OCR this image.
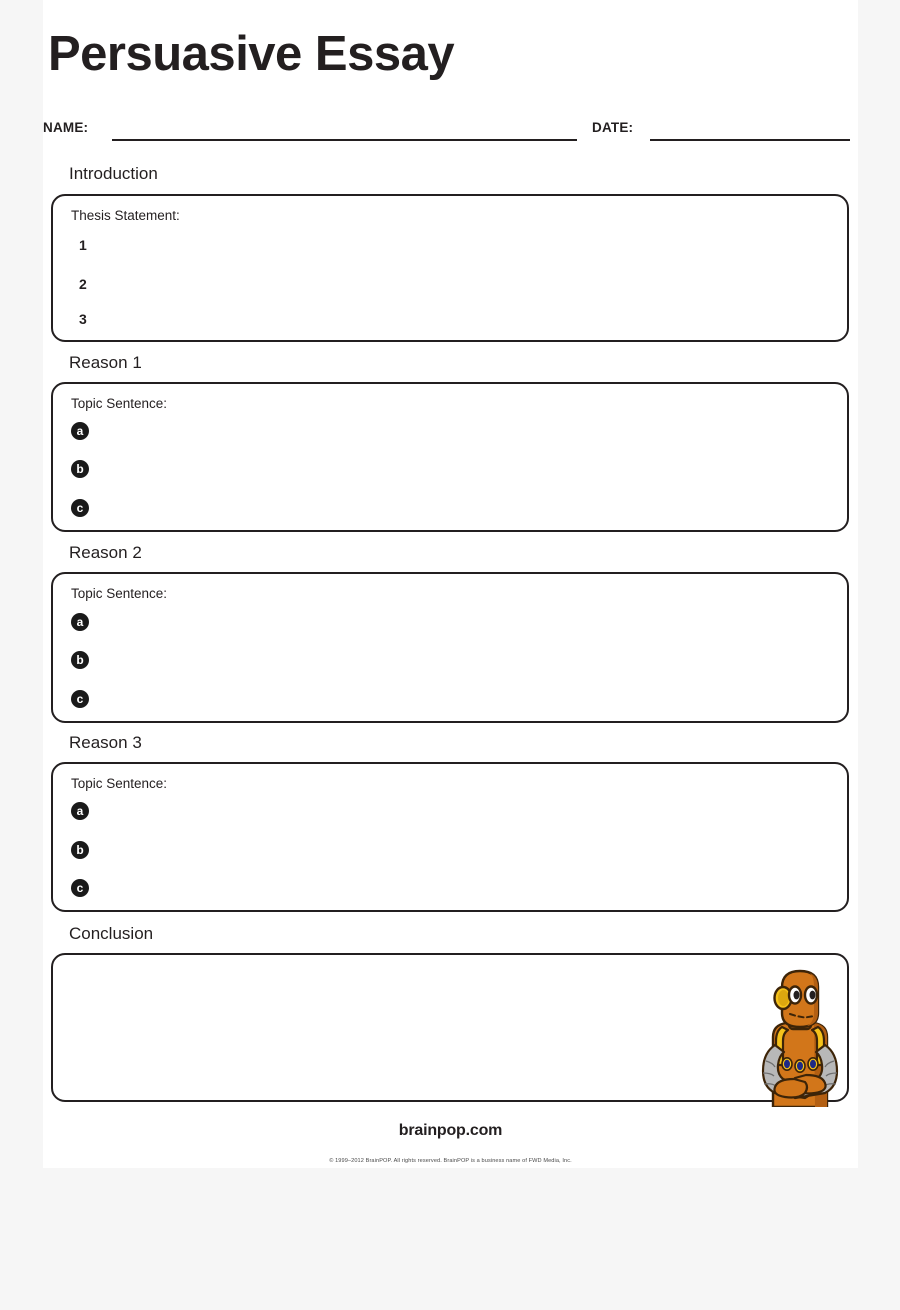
Persuasive Essay
NAME:	DATE:
Introduction
Thesis Statement:
1
2
3
Reason 1
Topic Sentence:
a
b
c
Reason 2
Topic Sentence:
a
b
c
Reason 3
Topic Sentence:
a
b
c
Conclusion
brainpop.com
© 1999–2012 BrainPOP. All rights reserved. BrainPOP is a business name of FWD Media, Inc.
